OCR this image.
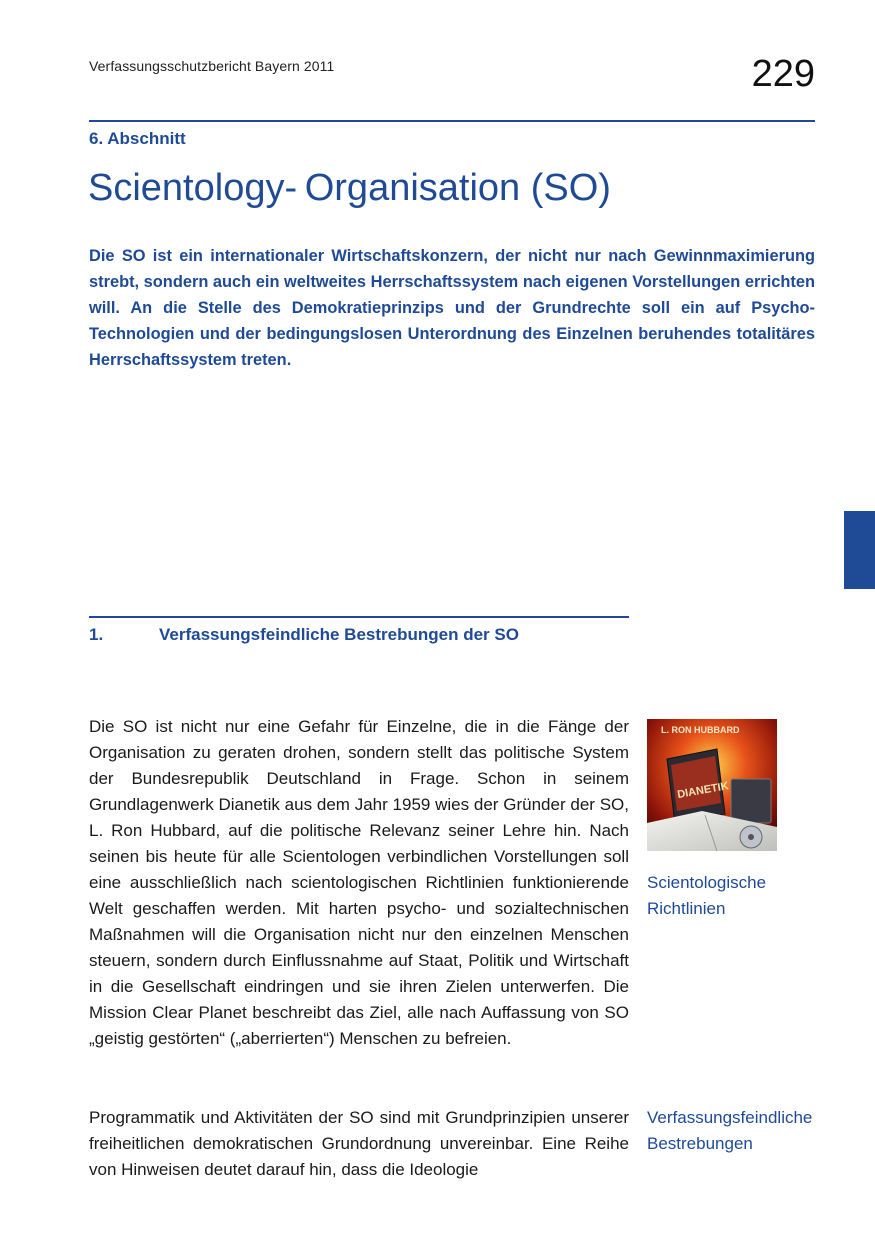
Verfassungsschutzbericht Bayern 2011	229
6. Abschnitt
Scientology- Organisation (SO)

Die SO ist ein internationaler Wirtschaftskonzern, der nicht nur nach Gewinnmaximierung strebt, sondern auch ein weltweites Herrschaftssystem nach eigenen Vorstellungen errichten will. An die Stelle des Demokratieprinzips und der Grundrechte soll ein auf Psycho-Technologien und der bedingungslosen Unterordnung des Einzelnen beruhendes totalitäres Herrschaftssystem treten.

1.	Verfassungsfeindliche Bestrebungen der SO

Die SO ist nicht nur eine Gefahr für Einzelne, die in die Fänge der Organisation zu geraten drohen, sondern stellt das politische System der Bundesrepublik Deutschland in Frage. Schon in seinem Grundlagenwerk Dianetik aus dem Jahr 1959 wies der Gründer der SO, L. Ron Hubbard, auf die politische Relevanz seiner Lehre hin. Nach seinen bis heute für alle Scientologen verbindlichen Vorstellungen soll eine ausschließlich nach scientologischen Richtlinien funktionierende Welt geschaffen werden. Mit harten psycho- und sozialtechnischen Maßnahmen will die Organisation nicht nur den einzelnen Menschen steuern, sondern durch Einflussnahme auf Staat, Politik und Wirtschaft in die Gesellschaft eindringen und sie ihren Zielen unterwerfen. Die Mission Clear Planet beschreibt das Ziel, alle nach Auffassung von SO „geistig gestörten“ („aberrierten“) Menschen zu befreien.

Programmatik und Aktivitäten der SO sind mit Grundprinzipien unserer freiheitlichen demokratischen Grundordnung unvereinbar. Eine Reihe von Hinweisen deutet darauf hin, dass die Ideologie

Scientologische Richtlinien
Verfassungsfeindliche Bestrebungen
L. RON HUBBARD
DIANETIK
